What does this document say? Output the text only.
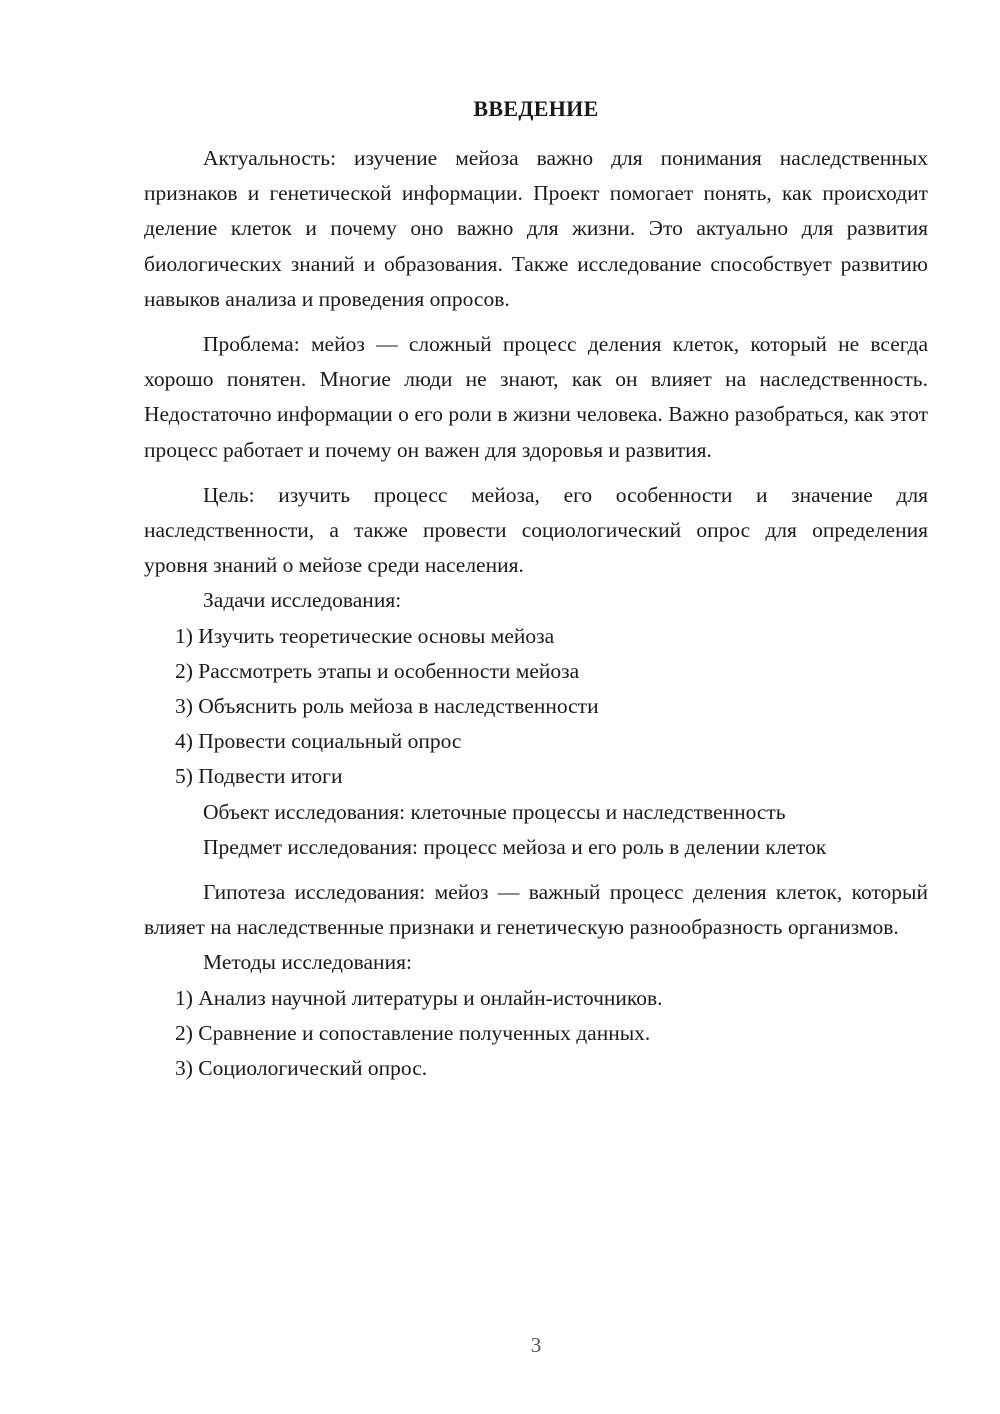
ВВЕДЕНИЕ

Актуальность: изучение мейоза важно для понимания наследственных признаков и генетической информации. Проект помогает понять, как происходит деление клеток и почему оно важно для жизни. Это актуально для развития биологических знаний и образования. Также исследование способствует развитию навыков анализа и проведения опросов.

Проблема: мейоз — сложный процесс деления клеток, который не всегда хорошо понятен. Многие люди не знают, как он влияет на наследственность. Недостаточно информации о его роли в жизни человека. Важно разобраться, как этот процесс работает и почему он важен для здоровья и развития.

Цель: изучить процесс мейоза, его особенности и значение для наследственности, а также провести социологический опрос для определения уровня знаний о мейозе среди населения.

Задачи исследования:

1) Изучить теоретические основы мейоза

2) Рассмотреть этапы и особенности мейоза

3) Объяснить роль мейоза в наследственности

4) Провести социальный опрос

5) Подвести итоги

Объект исследования: клеточные процессы и наследственность

Предмет исследования: процесс мейоза и его роль в делении клеток

Гипотеза исследования: мейоз — важный процесс деления клеток, который влияет на наследственные признаки и генетическую разнообразность организмов.

Методы исследования:

1) Анализ научной литературы и онлайн-источников.

2) Сравнение и сопоставление полученных данных.

3) Социологический опрос.

3
